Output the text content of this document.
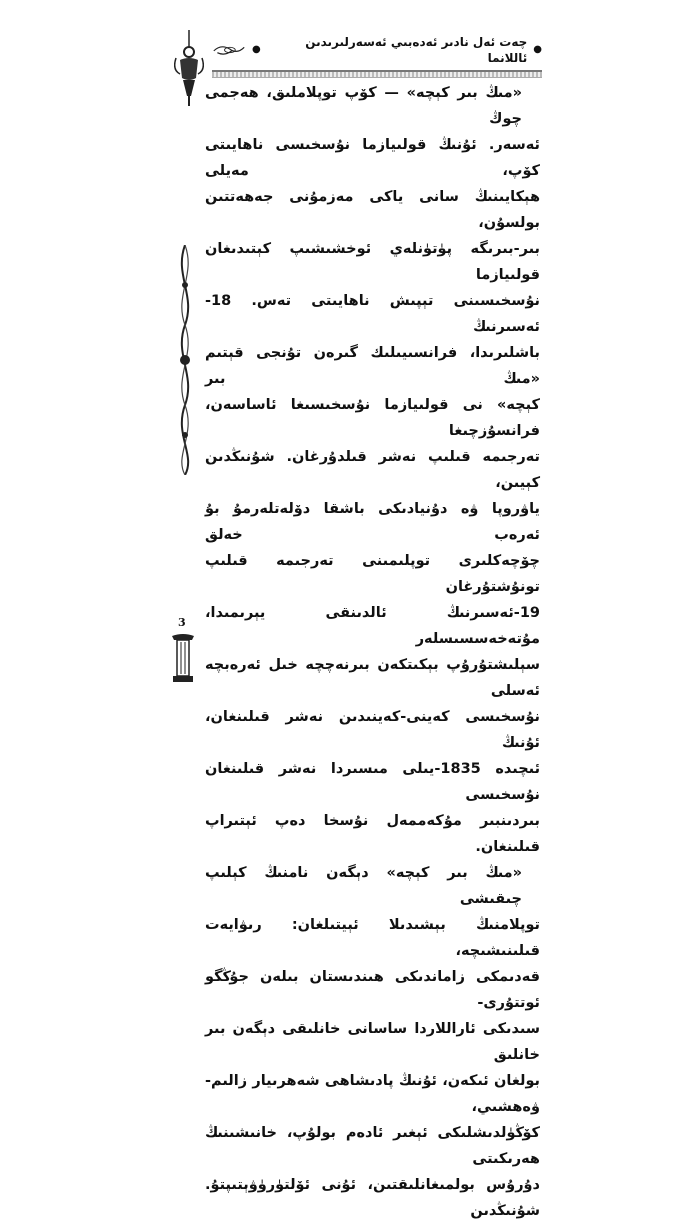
●
چەت ئەل نادىر ئەدەبىي ئەسەرلىرىدىن ئاللانما
●
«مىڭ بىر كېچە» — كۆپ توپلاملىق، ھەجمى چوڭ
ئەسەر. ئۇنىڭ قولىيازما نۇسخىسى ناھايىتى كۆپ، مەيلى
ھېكايىنىڭ سانى ياكى مەزمۇنى جەھەتتىن بولسۇن،
بىر-بىرىگە پۈتۈنلەي ئوخشىشىپ كېتىدىغان قولىيازما
نۇسخىسىنى تېپىش ناھايىتى تەس. 18-ئەسىرنىڭ
باشلىرىدا، فرانسىيىلىك گىرەن تۇنجى قېتىم «مىڭ بىر
كېچە» نى قولىيازما نۇسخىسىغا ئاساسەن، فرانسۇزچىغا
تەرجىمە قىلىپ نەشر قىلدۇرغان. شۇنىڭدىن كېيىن،
ياۋروپا ۋە دۇنيادىكى باشقا دۆلەتلەرمۇ بۇ ئەرەب خەلق
چۆچەكلىرى توپلىمىنى تەرجىمە قىلىپ تونۇشتۇرغان
19-ئەسىرنىڭ ئالدىنقى يېرىمىدا، مۇتەخەسسىسلەر
سېلىشتۇرۇپ بېكىتكەن بىرنەچچە خىل ئەرەبچە ئەسلى
نۇسخىسى كەينى-كەينىدىن نەشر قىلىنغان، ئۇنىڭ
ئىچىدە 1835-يىلى مىسىردا نەشر قىلىنغان نۇسخىسى
بىردىنبىر مۇكەممەل نۇسخا دەپ ئېتىراپ قىلىنغان.
«مىڭ بىر كېچە» دېگەن نامنىڭ كېلىپ چىقىشى
توپلامنىڭ بېشىدىلا ئېيتىلغان: رىۋايەت قىلىنىشىچە،
قەدىمكى زاماندىكى ھىندىستان بىلەن جۇڭگو ئوتتۇرى-
سىدىكى ئاراللاردا ساسانى خانلىقى دېگەن بىر خانلىق
بولغان ئىكەن، ئۇنىڭ پادىشاھى شەھرىيار زالىم-ۋەھشىي،
كۆڭۈلدىشلىكى ئېغىر ئادەم بولۇپ، خانىشىنىڭ ھەرىكىتى
دۇرۇس بولمىغانلىقتىن، ئۇنى ئۆلتۈرۈۋېتىپتۇ. شۇنىڭدىن
3
